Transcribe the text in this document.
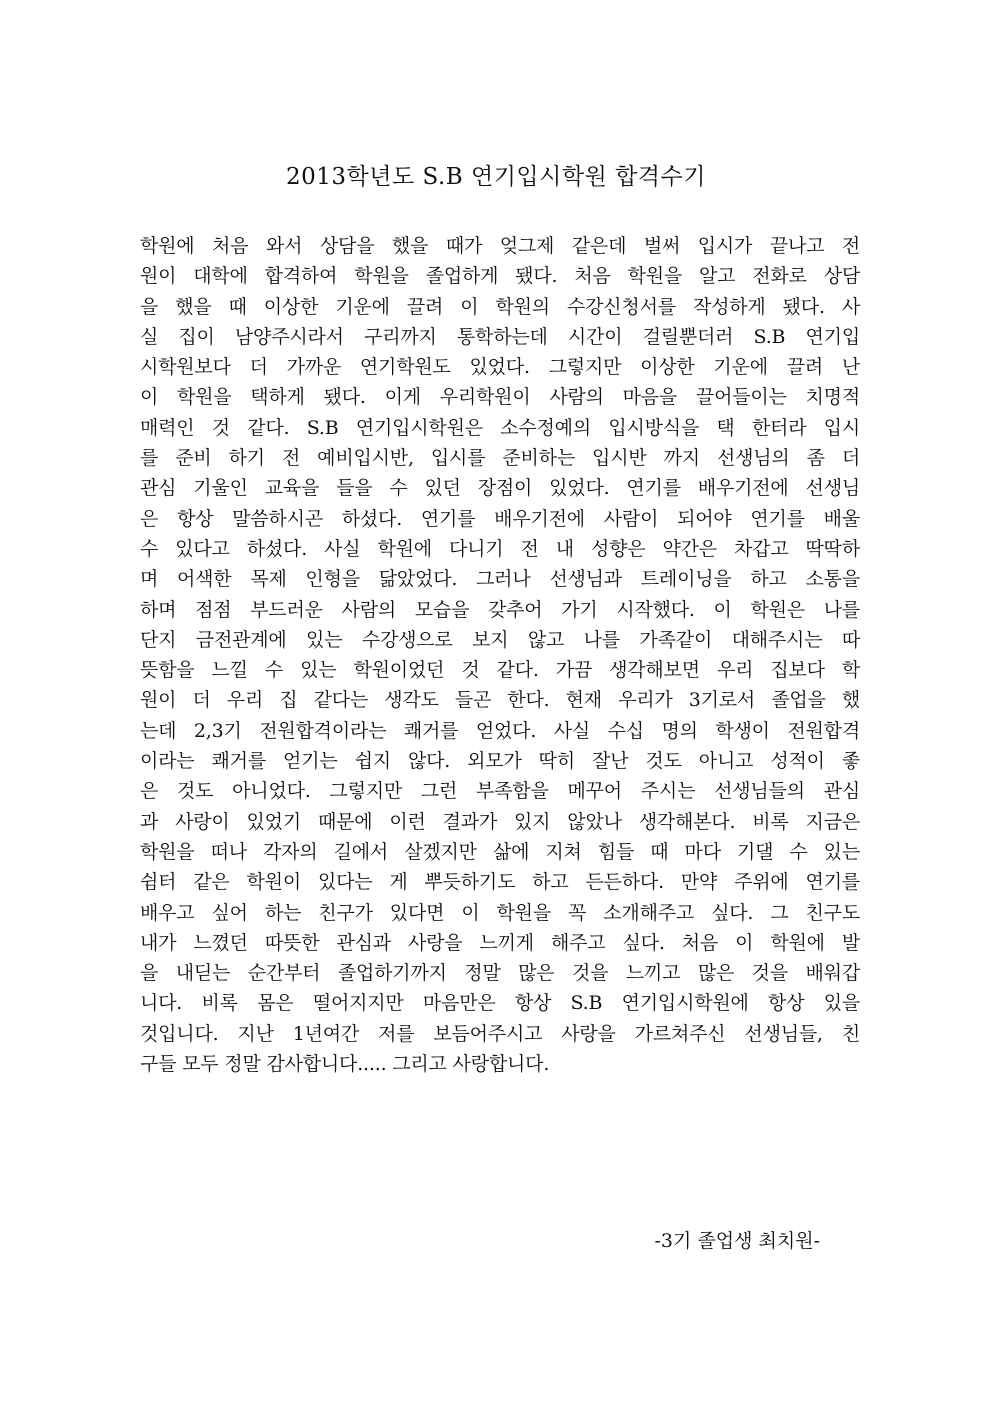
2013학년도 S.B 연기입시학원 합격수기
학원에 처음 와서 상담을 했을 때가 엊그제 같은데 벌써 입시가 끝나고 전
원이 대학에 합격하여 학원을 졸업하게 됐다. 처음 학원을 알고 전화로 상담
을 했을 때 이상한 기운에 끌려 이 학원의 수강신청서를 작성하게 됐다. 사
실 집이 남양주시라서 구리까지 통학하는데 시간이 걸릴뿐더러 S.B 연기입
시학원보다 더 가까운 연기학원도 있었다. 그렇지만 이상한 기운에 끌려 난
이 학원을 택하게 됐다. 이게 우리학원이 사람의 마음을 끌어들이는 치명적
매력인 것 같다. S.B 연기입시학원은 소수정예의 입시방식을 택 한터라 입시
를 준비 하기 전 예비입시반, 입시를 준비하는 입시반 까지 선생님의 좀 더
관심 기울인 교육을 들을 수 있던 장점이 있었다. 연기를 배우기전에 선생님
은 항상 말씀하시곤 하셨다. 연기를 배우기전에 사람이 되어야 연기를 배울
수 있다고 하셨다. 사실 학원에 다니기 전 내 성향은 약간은 차갑고 딱딱하
며 어색한 목제 인형을 닮았었다. 그러나 선생님과 트레이닝을 하고 소통을
하며 점점 부드러운 사람의 모습을 갖추어 가기 시작했다. 이 학원은 나를
단지 금전관계에 있는 수강생으로 보지 않고 나를 가족같이 대해주시는 따
뜻함을 느낄 수 있는 학원이었던 것 같다. 가끔 생각해보면 우리 집보다 학
원이 더 우리 집 같다는 생각도 들곤 한다. 현재 우리가 3기로서 졸업을 했
는데 2,3기 전원합격이라는 쾌거를 얻었다. 사실 수십 명의 학생이 전원합격
이라는 쾌거를 얻기는 쉽지 않다. 외모가 딱히 잘난 것도 아니고 성적이 좋
은 것도 아니었다. 그렇지만 그런 부족함을 메꾸어 주시는 선생님들의 관심
과 사랑이 있었기 때문에 이런 결과가 있지 않았나 생각해본다. 비록 지금은
학원을 떠나 각자의 길에서 살겠지만 삶에 지쳐 힘들 때 마다 기댈 수 있는
쉼터 같은 학원이 있다는 게 뿌듯하기도 하고 든든하다. 만약 주위에 연기를
배우고 싶어 하는 친구가 있다면 이 학원을 꼭 소개해주고 싶다. 그 친구도
내가 느꼈던 따뜻한 관심과 사랑을 느끼게 해주고 싶다. 처음 이 학원에 발
을 내딛는 순간부터 졸업하기까지 정말 많은 것을 느끼고 많은 것을 배워갑
니다. 비록 몸은 떨어지지만 마음만은 항상 S.B 연기입시학원에 항상 있을
것입니다. 지난 1년여간 저를 보듬어주시고 사랑을 가르쳐주신 선생님들, 친
구들 모두 정말 감사합니다..... 그리고 사랑합니다.
-3기 졸업생 최치원-
